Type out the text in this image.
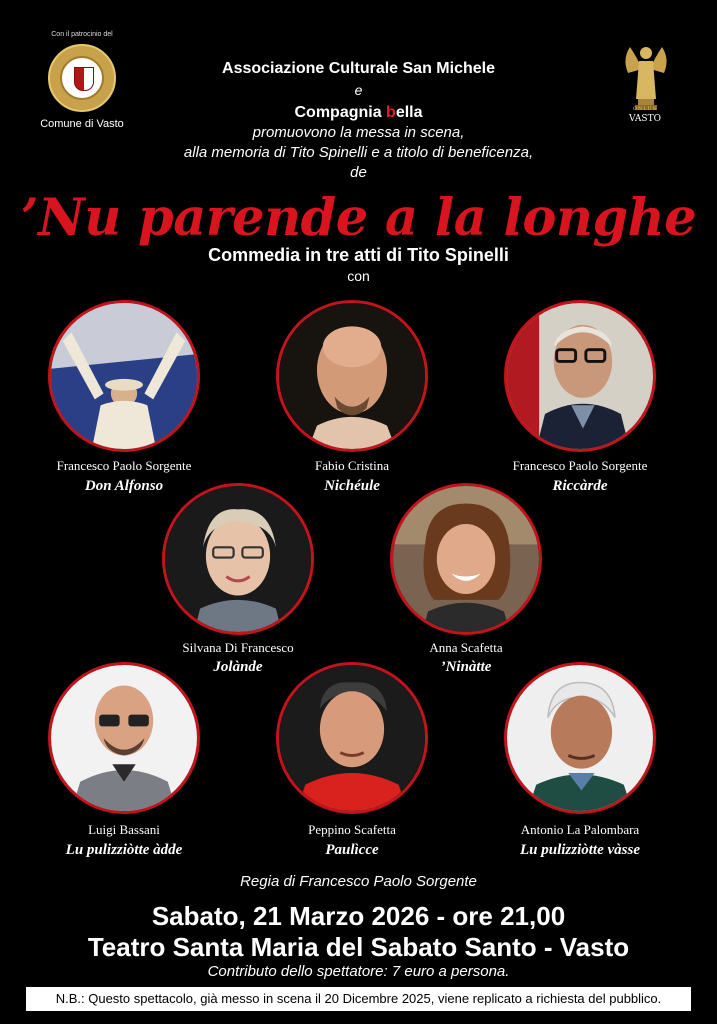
Con il patrocinio del
Comune di Vasto
ONLUS
VASTO
Associazione Culturale San Michele
e
Compagnia bella
promuovono la messa in scena,
alla memoria di Tito Spinelli e a titolo di beneficenza,
de
’Nu parende a la longhe
Commedia in tre atti di Tito Spinelli
con
Francesco Paolo Sorgente
Don Alfonso
Fabio Cristina
Nichéule
Francesco Paolo Sorgente
Riccàrde
Silvana Di Francesco
Jolànde
Anna Scafetta
’Ninàtte
Luigi Bassani
Lu pulizziòtte àdde
Peppino Scafetta
Paulìcce
Antonio La Palombara
Lu pulizziòtte vàsse
Regia di Francesco Paolo Sorgente
Sabato, 21 Marzo 2026 - ore 21,00
Teatro Santa Maria del Sabato Santo - Vasto
Contributo dello spettatore: 7 euro a persona.
N.B.: Questo spettacolo, già messo in scena il 20 Dicembre 2025, viene replicato a richiesta del pubblico.
